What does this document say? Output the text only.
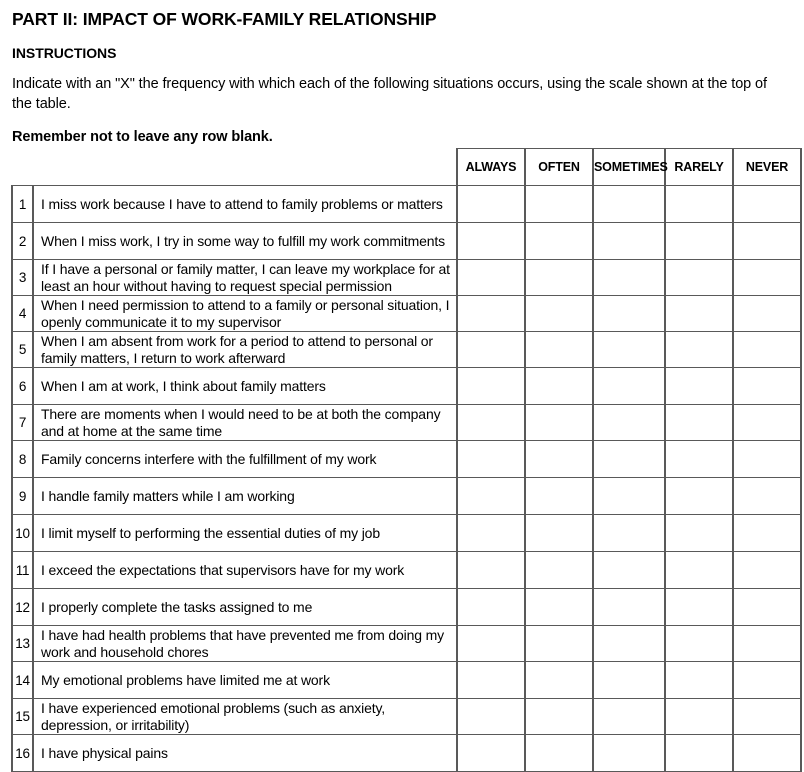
PART II: IMPACT OF WORK-FAMILY RELATIONSHIP
INSTRUCTIONS

Indicate with an "X" the frequency with which each of the following situations occurs, using the scale shown at the top of the table.

Remember not to leave any row blank.

		ALWAYS	OFTEN	SOMETIMES	RARELY	NEVER
1	I miss work because I have to attend to family problems or matters					
2	When I miss work, I try in some way to fulfill my work commitments					
3	If I have a personal or family matter, I can leave my workplace for at least an hour without having to request special permission					
4	When I need permission to attend to a family or personal situation, I openly communicate it to my supervisor					
5	When I am absent from work for a period to attend to personal or family matters, I return to work afterward					
6	When I am at work, I think about family matters					
7	There are moments when I would need to be at both the company and at home at the same time					
8	Family concerns interfere with the fulfillment of my work					
9	I handle family matters while I am working					
10	I limit myself to performing the essential duties of my job					
11	I exceed the expectations that supervisors have for my work					
12	I properly complete the tasks assigned to me					
13	I have had health problems that have prevented me from doing my work and household chores					
14	My emotional problems have limited me at work					
15	I have experienced emotional problems (such as anxiety, depression, or irritability)					
16	I have physical pains					
